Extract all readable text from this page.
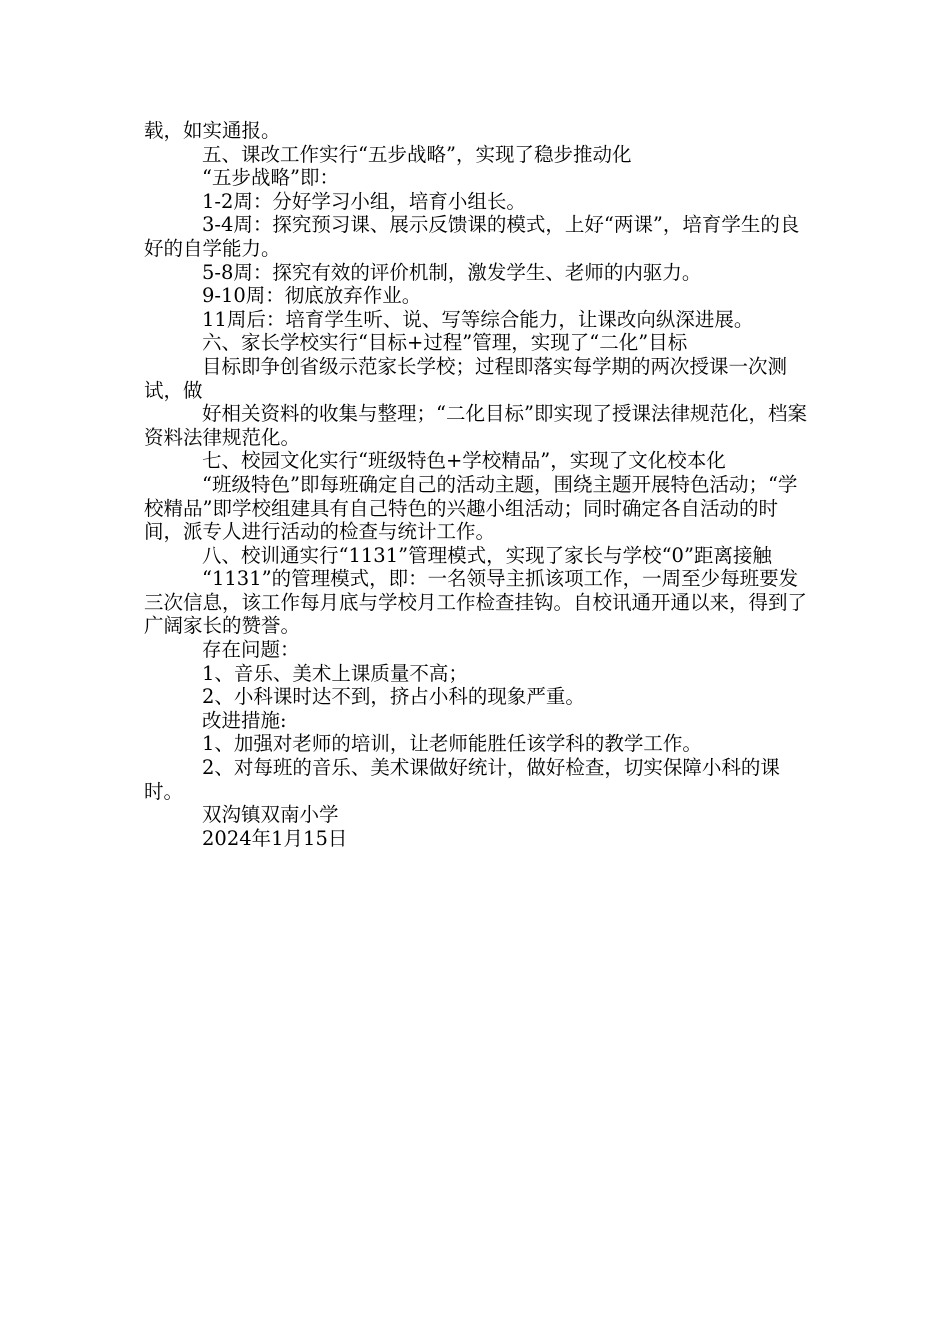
载，如实通报。

五、课改工作实行“五步战略”，实现了稳步推动化

“五步战略”即：

1-2周：分好学习小组，培育小组长。

3-4周：探究预习课、展示反馈课的模式，上好“两课”，培育学生的良好的自学能力。

5-8周：探究有效的评价机制，激发学生、老师的内驱力。

9-10周：彻底放弃作业。

11周后：培育学生听、说、写等综合能力，让课改向纵深进展。

六、家长学校实行“目标+过程”管理，实现了“二化”目标

目标即争创省级示范家长学校；过程即落实每学期的两次授课一次测试，做

好相关资料的收集与整理；“二化目标”即实现了授课法律规范化，档案资料法律规范化。

七、校园文化实行“班级特色+学校精品”，实现了文化校本化

“班级特色”即每班确定自己的活动主题，围绕主题开展特色活动；“学校精品”即学校组建具有自己特色的兴趣小组活动；同时确定各自活动的时间，派专人进行活动的检查与统计工作。

八、校训通实行“1131”管理模式，实现了家长与学校“0”距离接触

“1131”的管理模式，即：一名领导主抓该项工作，一周至少每班要发三次信息，该工作每月底与学校月工作检查挂钩。自校讯通开通以来，得到了广阔家长的赞誉。

存在问题：

1、音乐、美术上课质量不高；

2、小科课时达不到，挤占小科的现象严重。

改进措施:

1、加强对老师的培训，让老师能胜任该学科的教学工作。

2、对每班的音乐、美术课做好统计，做好检查，切实保障小科的课时。

双沟镇双南小学

2024年1月15日
